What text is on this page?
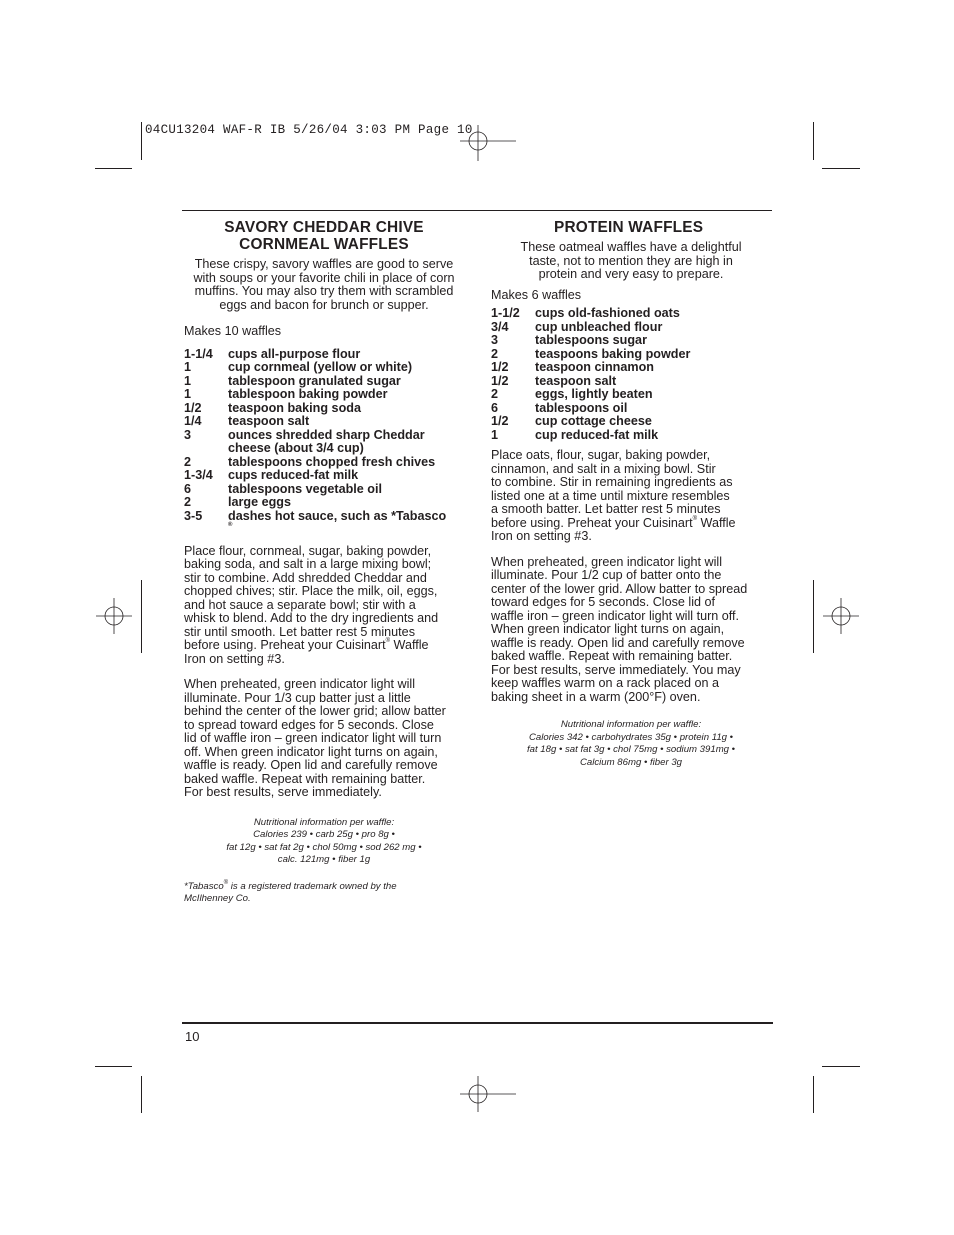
04CU13204 WAF-R IB 5/26/04 3:03 PM Page 10
SAVORY CHEDDAR CHIVE
CORNMEAL WAFFLES
These crispy, savory waffles are good to serve
with soups or your favorite chili in place of corn
muffins. You may also try them with scrambled
eggs and bacon for brunch or supper.
Makes 10 waffles
1-1/4	cups all-purpose flour
1	cup cornmeal (yellow or white)
1	tablespoon granulated sugar
1	tablespoon baking powder
1/2	teaspoon baking soda
1/4	teaspoon salt
3	ounces shredded sharp Cheddar
cheese (about 3/4 cup)
2	tablespoons chopped fresh chives
1-3/4	cups reduced-fat milk
6	tablespoons vegetable oil
2	large eggs
3-5	dashes hot sauce, such as *Tabasco
®
Place flour, cornmeal, sugar, baking powder,
baking soda, and salt in a large mixing bowl;
stir to combine. Add shredded Cheddar and
chopped chives; stir. Place the milk, oil, eggs,
and hot sauce a separate bowl; stir with a
whisk to blend. Add to the dry ingredients and
stir until smooth. Let batter rest 5 minutes
before using. Preheat your Cuisinart® Waffle
Iron on setting #3.
When preheated, green indicator light will
illuminate. Pour 1/3 cup batter just a little
behind the center of the lower grid; allow batter
to spread toward edges for 5 seconds. Close
lid of waffle iron – green indicator light will turn
off. When green indicator light turns on again,
waffle is ready. Open lid and carefully remove
baked waffle. Repeat with remaining batter.
For best results, serve immediately.
Nutritional information per waffle:
Calories 239 • carb 25g • pro 8g •
fat 12g • sat fat 2g • chol 50mg • sod 262 mg •
calc. 121mg • fiber 1g
*Tabasco® is a registered trademark owned by the
McIlhenney Co.
PROTEIN WAFFLES
These oatmeal waffles have a delightful
taste, not to mention they are high in
protein and very easy to prepare.
Makes 6 waffles
1-1/2	cups old-fashioned oats
3/4	cup unbleached flour
3	tablespoons sugar
2	teaspoons baking powder
1/2	teaspoon cinnamon
1/2	teaspoon salt
2	eggs, lightly beaten
6	tablespoons oil
1/2	cup cottage cheese
1	cup reduced-fat milk
Place oats, flour, sugar, baking powder,
cinnamon, and salt in a mixing bowl. Stir
to combine. Stir in remaining ingredients as
listed one at a time until mixture resembles
a smooth batter. Let batter rest 5 minutes
before using. Preheat your Cuisinart® Waffle
Iron on setting #3.
When preheated, green indicator light will
illuminate. Pour 1/2 cup of batter onto the
center of the lower grid. Allow batter to spread
toward edges for 5 seconds. Close lid of
waffle iron – green indicator light will turn off.
When green indicator light turns on again,
waffle is ready. Open lid and carefully remove
baked waffle. Repeat with remaining batter.
For best results, serve immediately. You may
keep waffles warm on a rack placed on a
baking sheet in a warm (200°F) oven.
Nutritional information per waffle:
Calories 342 • carbohydrates 35g • protein 11g •
fat 18g • sat fat 3g • chol 75mg • sodium 391mg •
Calcium 86mg • fiber 3g
10
